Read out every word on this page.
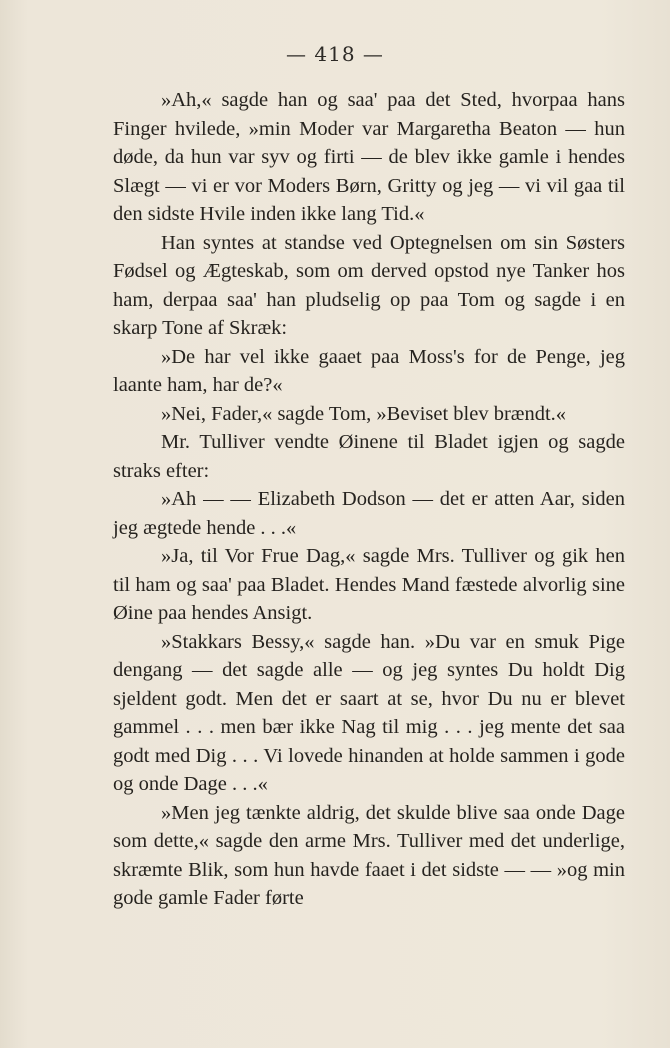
— 418 —

»Ah,« sagde han og saa' paa det Sted, hvorpaa hans Finger hvilede, »min Moder var Margaretha Beaton — hun døde, da hun var syv og firti — de blev ikke gamle i hendes Slægt — vi er vor Moders Børn, Gritty og jeg — vi vil gaa til den sidste Hvile inden ikke lang Tid.«

Han syntes at standse ved Optegnelsen om sin Søsters Fødsel og Ægteskab, som om derved opstod nye Tanker hos ham, derpaa saa' han pludselig op paa Tom og sagde i en skarp Tone af Skræk:

»De har vel ikke gaaet paa Moss's for de Penge, jeg laante ham, har de?«

»Nei, Fader,« sagde Tom, »Beviset blev brændt.«

Mr. Tulliver vendte Øinene til Bladet igjen og sagde straks efter:

»Ah — — Elizabeth Dodson — det er atten Aar, siden jeg ægtede hende . . .«

»Ja, til Vor Frue Dag,« sagde Mrs. Tulliver og gik hen til ham og saa' paa Bladet. Hendes Mand fæstede alvorlig sine Øine paa hendes Ansigt.

»Stakkars Bessy,« sagde han. »Du var en smuk Pige dengang — det sagde alle — og jeg syntes Du holdt Dig sjeldent godt. Men det er saart at se, hvor Du nu er blevet gammel . . . men bær ikke Nag til mig . . . jeg mente det saa godt med Dig . . . Vi lovede hinanden at holde sammen i gode og onde Dage . . .«

»Men jeg tænkte aldrig, det skulde blive saa onde Dage som dette,« sagde den arme Mrs. Tulliver med det underlige, skræmte Blik, som hun havde faaet i det sidste — — »og min gode gamle Fader førte
